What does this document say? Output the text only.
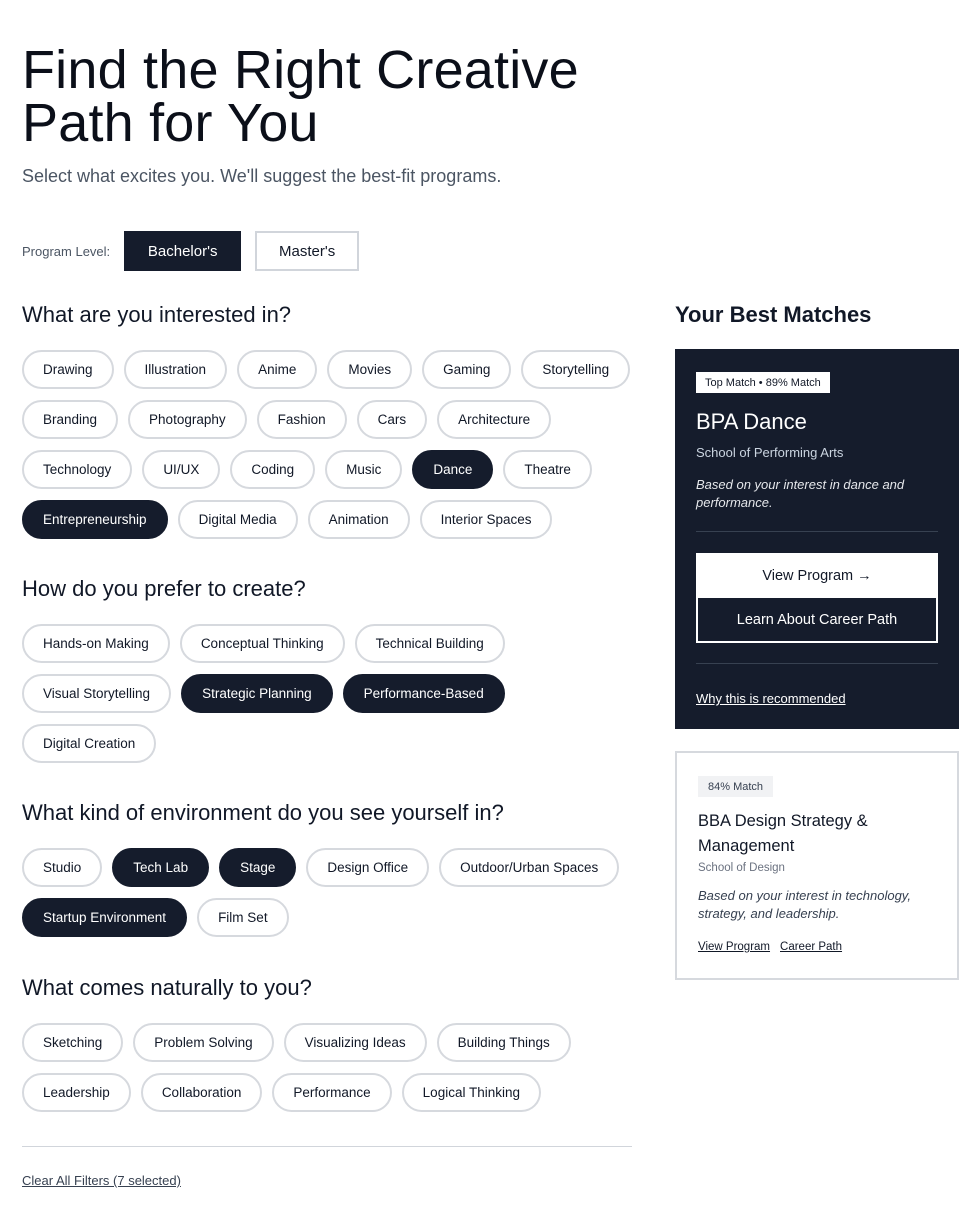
Find the Right Creative Path for You

Select what excites you. We'll suggest the best-fit programs.

Program Level:	Bachelor's	Master's
What are you interested in?
Drawing	Illustration	Anime	Movies	Gaming	Storytelling
Branding	Photography	Fashion	Cars	Architecture
Technology	UI/UX	Coding	Music	Dance	Theatre
Entrepreneurship	Digital Media	Animation	Interior Spaces
How do you prefer to create?
Hands-on Making	Conceptual Thinking	Technical Building
Visual Storytelling	Strategic Planning	Performance-Based
Digital Creation
What kind of environment do you see yourself in?
Studio	Tech Lab	Stage	Design Office	Outdoor/Urban Spaces
Startup Environment	Film Set
What comes naturally to you?
Sketching	Problem Solving	Visualizing Ideas	Building Things
Leadership	Collaboration	Performance	Logical Thinking
Clear All Filters (7 selected)
Your Best Matches
Top Match • 89% Match
BPA Dance
School of Performing Arts
Based on your interest in dance and performance.
View Program →
Learn About Career Path
Why this is recommended
84% Match
BBA Design Strategy & Management
School of Design
Based on your interest in technology, strategy, and leadership.
View Program Career Path
